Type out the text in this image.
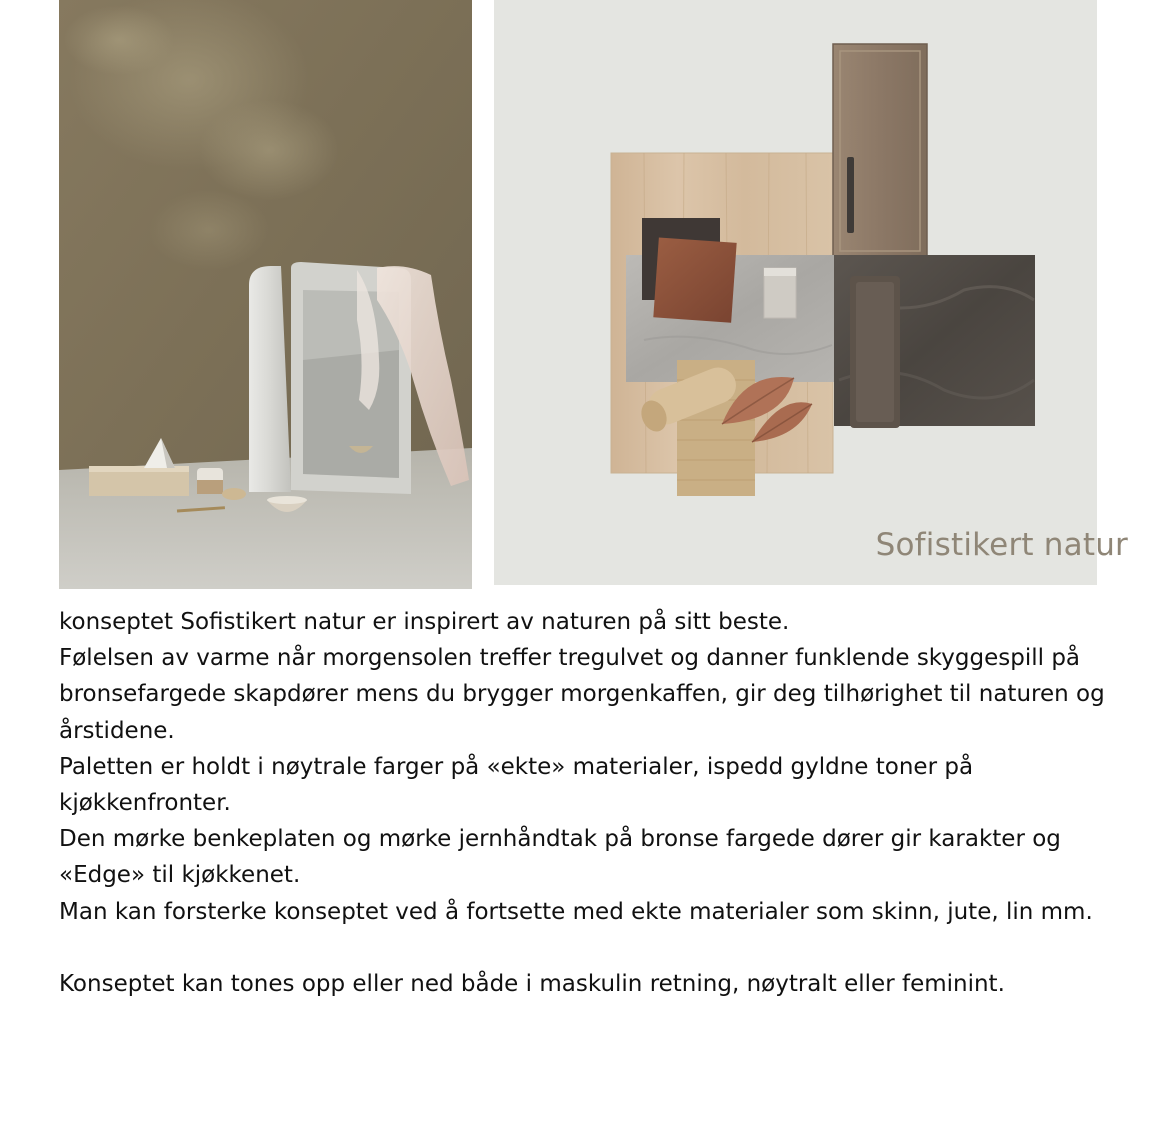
Sofistikert natur

konseptet Sofistikert natur er inspirert av naturen på sitt beste.

Følelsen av varme når morgensolen treffer tregulvet og danner funklende skyggespill på bronsefargede skapdører mens du brygger morgenkaffen, gir deg tilhørighet til naturen og årstidene.

Paletten er holdt i nøytrale farger på «ekte» materialer, ispedd gyldne toner på kjøkkenfronter.

Den mørke benkeplaten og mørke jernhåndtak på bronse fargede dører gir karakter og «Edge» til kjøkkenet.

Man kan forsterke konseptet ved å fortsette med ekte materialer som skinn, jute, lin mm.

Konseptet kan tones opp eller ned både i maskulin retning, nøytralt eller feminint.
